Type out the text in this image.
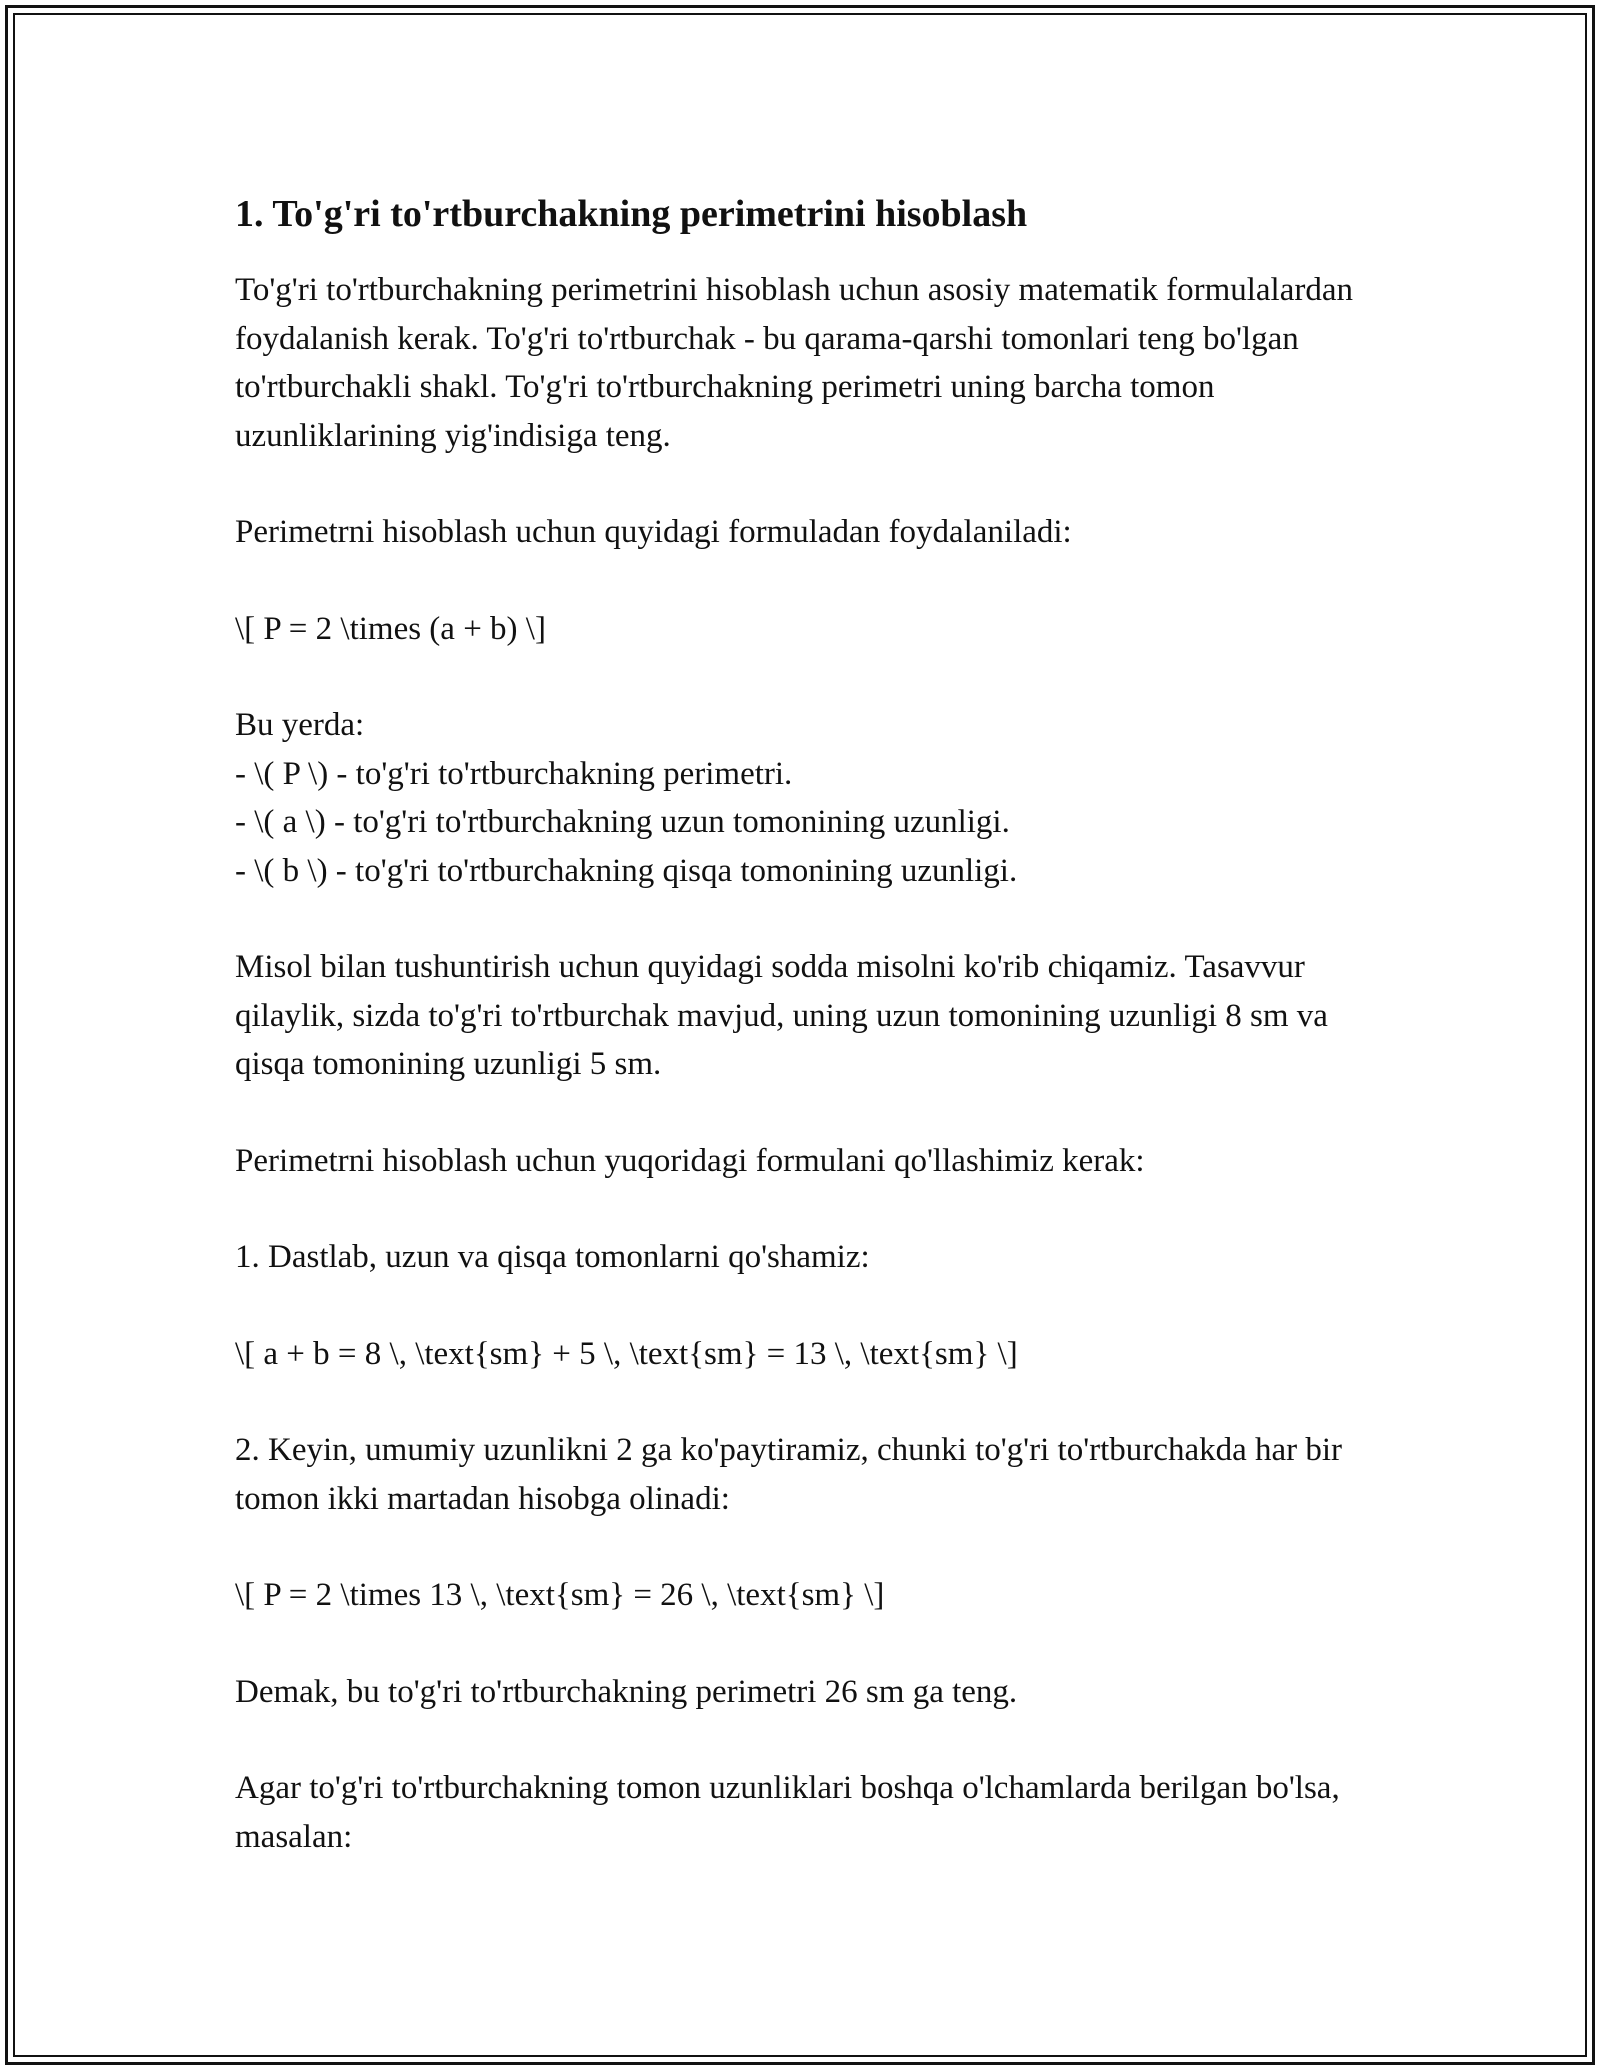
1. To'g'ri to'rtburchakning perimetrini hisoblash

To'g'ri to'rtburchakning perimetrini hisoblash uchun asosiy matematik formulalardan foydalanish kerak. To'g'ri to'rtburchak - bu qarama-qarshi tomonlari teng bo'lgan to'rtburchakli shakl. To'g'ri to'rtburchakning perimetri uning barcha tomon uzunliklarining yig'indisiga teng.

Perimetrni hisoblash uchun quyidagi formuladan foydalaniladi:

\[ P = 2 \times (a + b) \]

Bu yerda:
- \( P \) - to'g'ri to'rtburchakning perimetri.
- \( a \) - to'g'ri to'rtburchakning uzun tomonining uzunligi.
- \( b \) - to'g'ri to'rtburchakning qisqa tomonining uzunligi.

Misol bilan tushuntirish uchun quyidagi sodda misolni ko'rib chiqamiz. Tasavvur qilaylik, sizda to'g'ri to'rtburchak mavjud, uning uzun tomonining uzunligi 8 sm va qisqa tomonining uzunligi 5 sm.

Perimetrni hisoblash uchun yuqoridagi formulani qo'llashimiz kerak:

1. Dastlab, uzun va qisqa tomonlarni qo'shamiz:

\[ a + b = 8 \, \text{sm} + 5 \, \text{sm} = 13 \, \text{sm} \]

2. Keyin, umumiy uzunlikni 2 ga ko'paytiramiz, chunki to'g'ri to'rtburchakda har bir tomon ikki martadan hisobga olinadi:

\[ P = 2 \times 13 \, \text{sm} = 26 \, \text{sm} \]

Demak, bu to'g'ri to'rtburchakning perimetri 26 sm ga teng.

Agar to'g'ri to'rtburchakning tomon uzunliklari boshqa o'lchamlarda berilgan bo'lsa, masalan:
